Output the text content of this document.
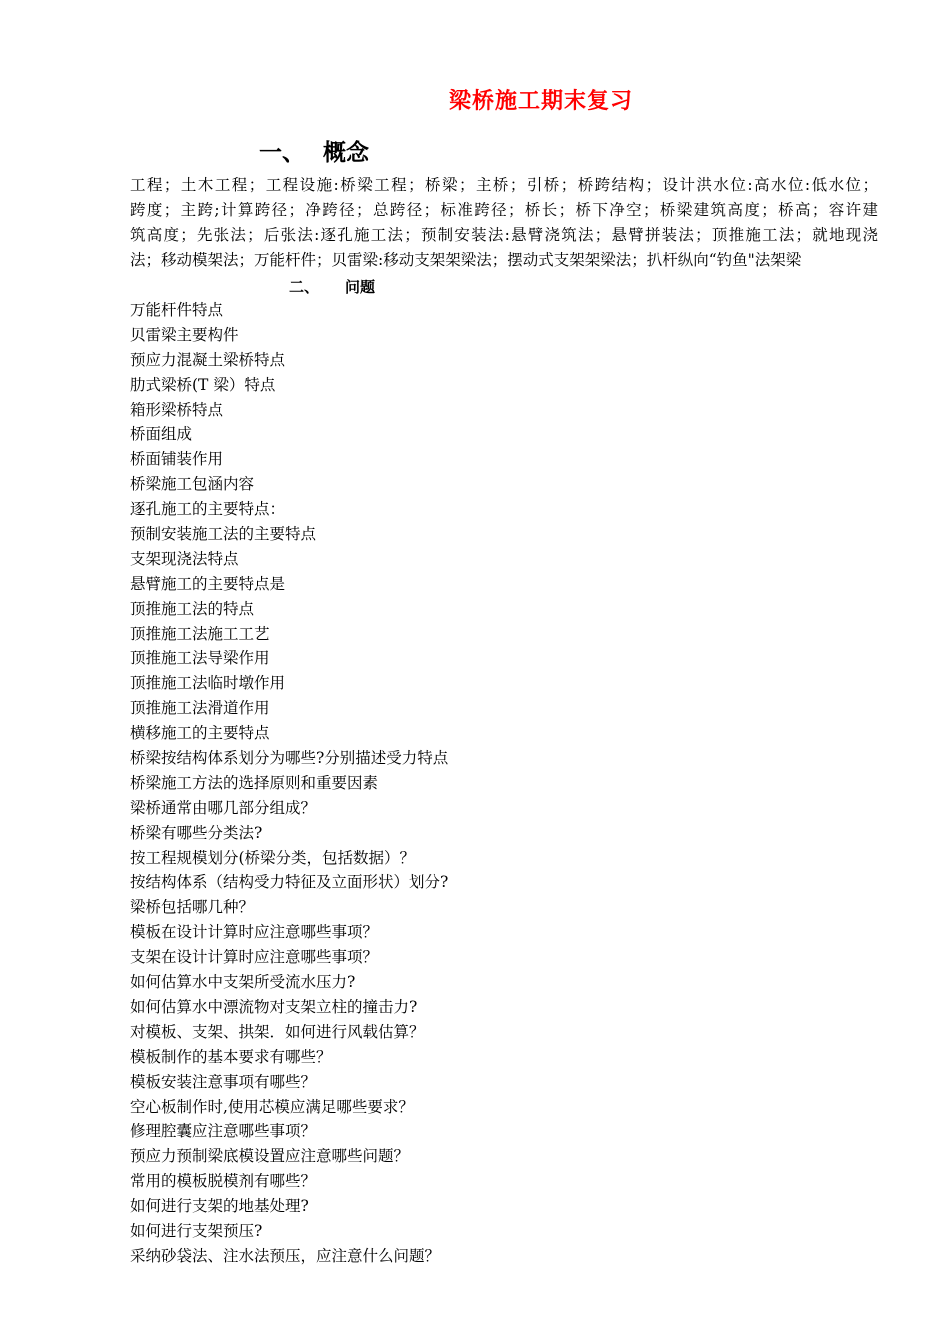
梁桥施工期末复习
一、 概念
工程；土木工程；工程设施:桥梁工程；桥梁；主桥；引桥；桥跨结构；设计洪水位:高水位:低水位；
跨度；主跨;计算跨径；净跨径；总跨径；标准跨径；桥长；桥下净空；桥梁建筑高度；桥高；容许建
筑高度；先张法；后张法:逐孔施工法；预制安装法:悬臂浇筑法；悬臂拼装法；顶推施工法；就地现浇
法；移动模架法；万能杆件；贝雷梁:移动支架架梁法；摆动式支架架梁法；扒杆纵向“钓鱼"法架梁
二、 问题
万能杆件特点
贝雷梁主要构件
预应力混凝土梁桥特点
肋式梁桥(T 梁）特点
箱形梁桥特点
桥面组成
桥面铺装作用
桥梁施工包涵内容
逐孔施工的主要特点：
预制安装施工法的主要特点
支架现浇法特点
悬臂施工的主要特点是
顶推施工法的特点
顶推施工法施工工艺
顶推施工法导梁作用
顶推施工法临时墩作用
顶推施工法滑道作用
横移施工的主要特点
桥梁按结构体系划分为哪些?分别描述受力特点
桥梁施工方法的选择原则和重要因素
梁桥通常由哪几部分组成？
桥梁有哪些分类法?
按工程规模划分(桥梁分类，包括数据）？
按结构体系（结构受力特征及立面形状）划分?
梁桥包括哪几种？
模板在设计计算时应注意哪些事项？
支架在设计计算时应注意哪些事项？
如何估算水中支架所受流水压力?
如何估算水中漂流物对支架立柱的撞击力?
对模板、支架、拱架．如何进行风载估算？
模板制作的基本要求有哪些？
模板安装注意事项有哪些？
空心板制作时,使用芯模应满足哪些要求？
修理腔囊应注意哪些事项？
预应力预制梁底模设置应注意哪些问题？
常用的模板脱模剂有哪些？
如何进行支架的地基处理?
如何进行支架预压?
采纳砂袋法、注水法预压，应注意什么问题？
